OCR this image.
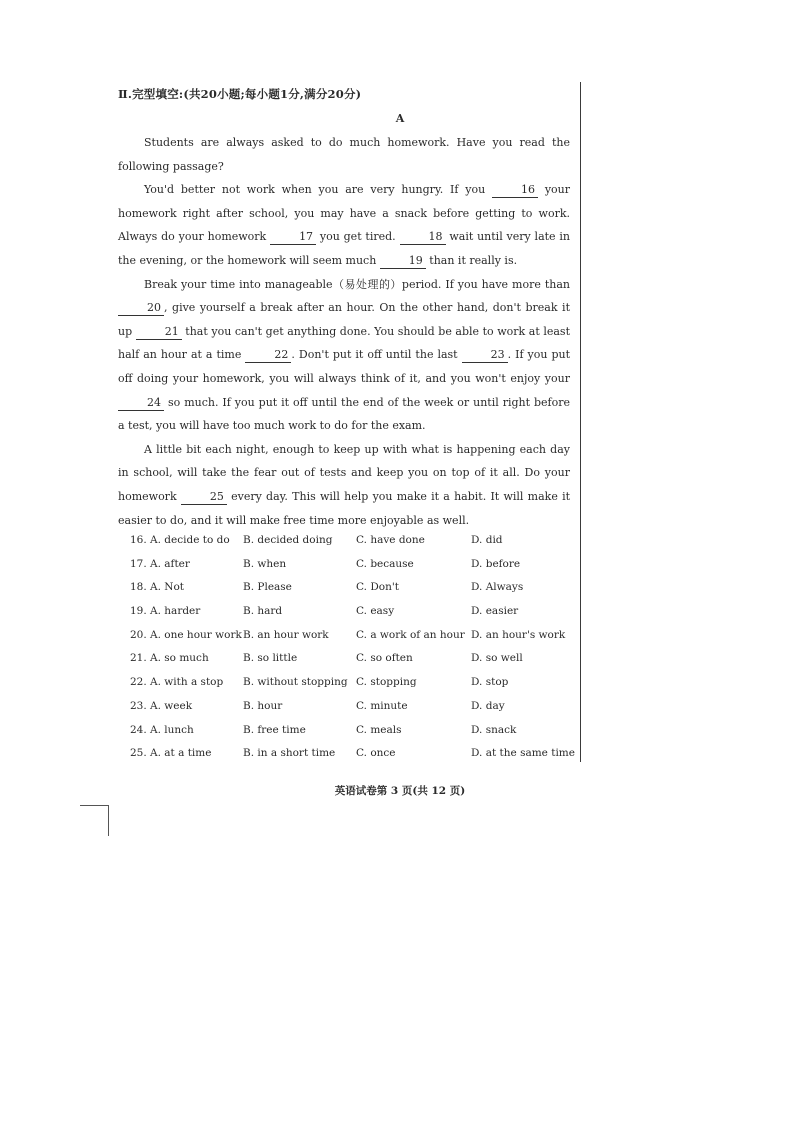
Ⅱ.完型填空:(共20小题;每小题1分,满分20分)
A

Students are always asked to do much homework. Have you read the following passage?

You'd better not work when you are very hungry. If you	16 your homework right after school, you may have a snack before getting to work. Always do your homework	17 you get tired.	18 wait until very late in the evening, or the homework will seem much	19 than it really is.

Break your time into manageable（易处理的）period. If you have more than 20 , give yourself a break after an hour. On the other hand, don't break it up	21 that you can't get anything done. You should be able to work at least half an hour at a time	22 . Don't put it off until the last	23 . If you put off doing your homework, you will always think of it, and you won't enjoy your 24 so much. If you put it off until the end of the week or until right before a test, you will have too much work to do for the exam.

A little bit each night, enough to keep up with what is happening each day in school, will take the fear out of tests and keep you on top of it all. Do your homework	25 every day. This will help you make it a habit. It will make it easier to do, and it will make free time more enjoyable as well.

16. A. decide to do B. decided doing C. have done	D. did
17. A. after	B. when	C. because	D. before
18. A. Not	B. Please	C. Don't	D. Always
19. A. harder	B. hard	C. easy	D. easier
20. A. one hour work B. an hour work	C. a work of an hour D. an hour's work
21. A. so much	B. so little	C. so often	D. so well
22. A. with a stop B. without stopping C. stopping	D. stop
23. A. week	B. hour	C. minute	D. day
24. A. lunch	B. free time	C. meals	D. snack
25. A. at a time	B. in a short time C. once	D. at the same time
英语试卷第 3 页(共 12 页)
